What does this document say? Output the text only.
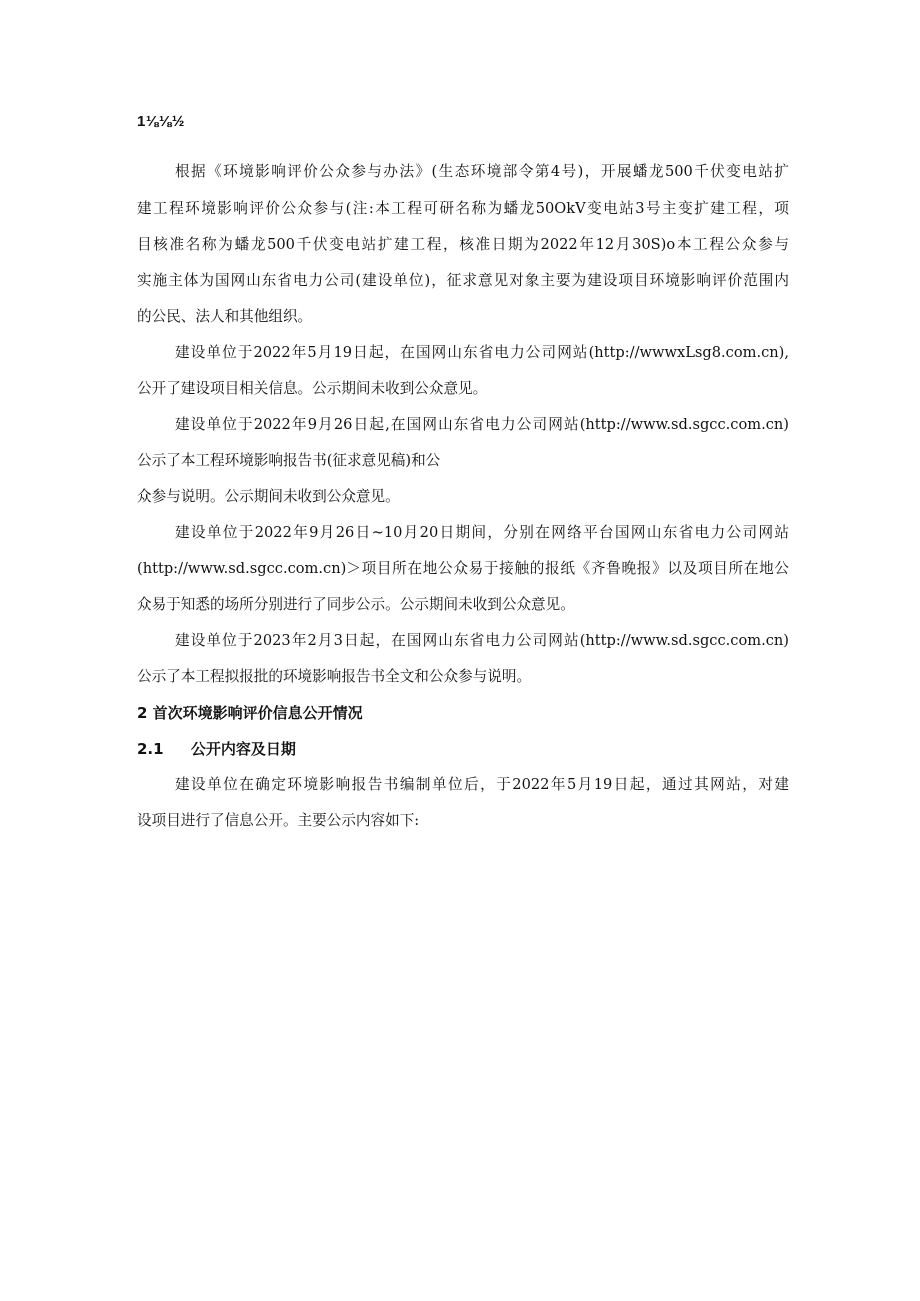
1⅛⅛½
根据《环境影响评价公众参与办法》(生态环境部令第4号)，开展蟠龙500千伏变电站扩
建工程环境影响评价公众参与(注:本工程可研名称为蟠龙50OkV变电站3号主变扩建工程，项
目核准名称为蟠龙500千伏变电站扩建工程，核准日期为2022年12月30S)o本工程公众参与
实施主体为国网山东省电力公司(建设单位)，征求意见对象主要为建设项目环境影响评价范围内
的公民、法人和其他组织。
建设单位于2022年5月19日起，在国网山东省电力公司网站(http://wwwxLsg8.com.cn),
公开了建设项目相关信息。公示期间未收到公众意见。
建设单位于2022年9月26日起,在国网山东省电力公司网站(http://www.sd.sgcc.com.cn)
公示了本工程环境影响报告书(征求意见稿)和公
众参与说明。公示期间未收到公众意见。
建设单位于2022年9月26日~10月20日期间，分别在网络平台国网山东省电力公司网站
(http://www.sd.sgcc.com.cn)＞项目所在地公众易于接触的报纸《齐鲁晚报》以及项目所在地公
众易于知悉的场所分别进行了同步公示。公示期间未收到公众意见。
建设单位于2023年2月3日起，在国网山东省电力公司网站(http://www.sd.sgcc.com.cn)
公示了本工程拟报批的环境影响报告书全文和公众参与说明。
2 首次环境影响评价信息公开情况
2.1 公开内容及日期
建设单位在确定环境影响报告书编制单位后，于2022年5月19日起，通过其网站，对建
设项目进行了信息公开。主要公示内容如下:
